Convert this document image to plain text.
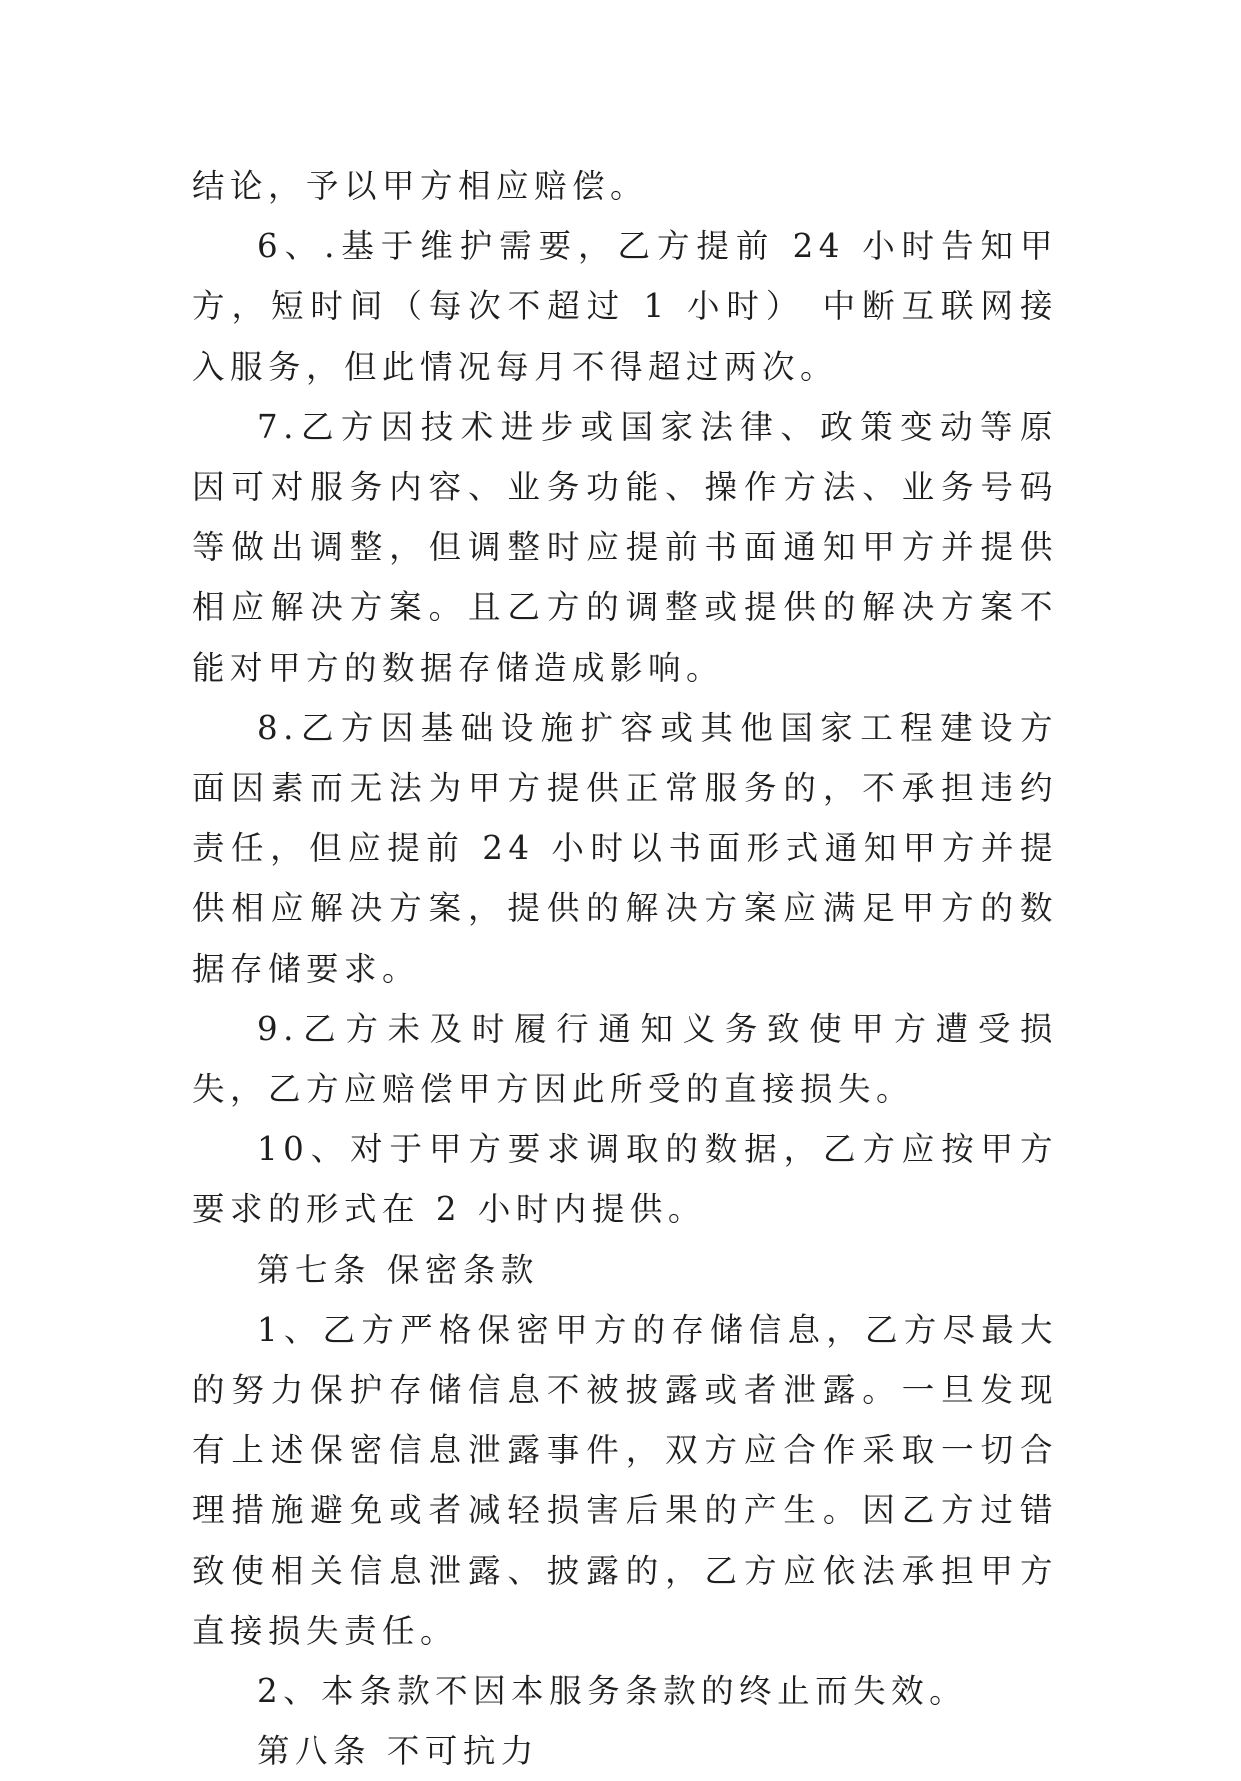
结论，予以甲方相应赔偿。

6、.基于维护需要，乙方提前 24 小时告知甲方，短时间（每次不超过 1 小时） 中断互联网接入服务，但此情况每月不得超过两次。

7.乙方因技术进步或国家法律、政策变动等原因可对服务内容、业务功能、操作方法、业务号码等做出调整，但调整时应提前书面通知甲方并提供相应解决方案。且乙方的调整或提供的解决方案不能对甲方的数据存储造成影响。

8.乙方因基础设施扩容或其他国家工程建设方面因素而无法为甲方提供正常服务的，不承担违约责任，但应提前 24 小时以书面形式通知甲方并提供相应解决方案，提供的解决方案应满足甲方的数据存储要求。

9.乙方未及时履行通知义务致使甲方遭受损失，乙方应赔偿甲方因此所受的直接损失。

10、对于甲方要求调取的数据，乙方应按甲方要求的形式在 2 小时内提供。

第七条 保密条款

1、乙方严格保密甲方的存储信息，乙方尽最大的努力保护存储信息不被披露或者泄露。一旦发现有上述保密信息泄露事件，双方应合作采取一切合理措施避免或者减轻损害后果的产生。因乙方过错致使相关信息泄露、披露的，乙方应依法承担甲方直接损失责任。

2、本条款不因本服务条款的终止而失效。

第八条 不可抗力
